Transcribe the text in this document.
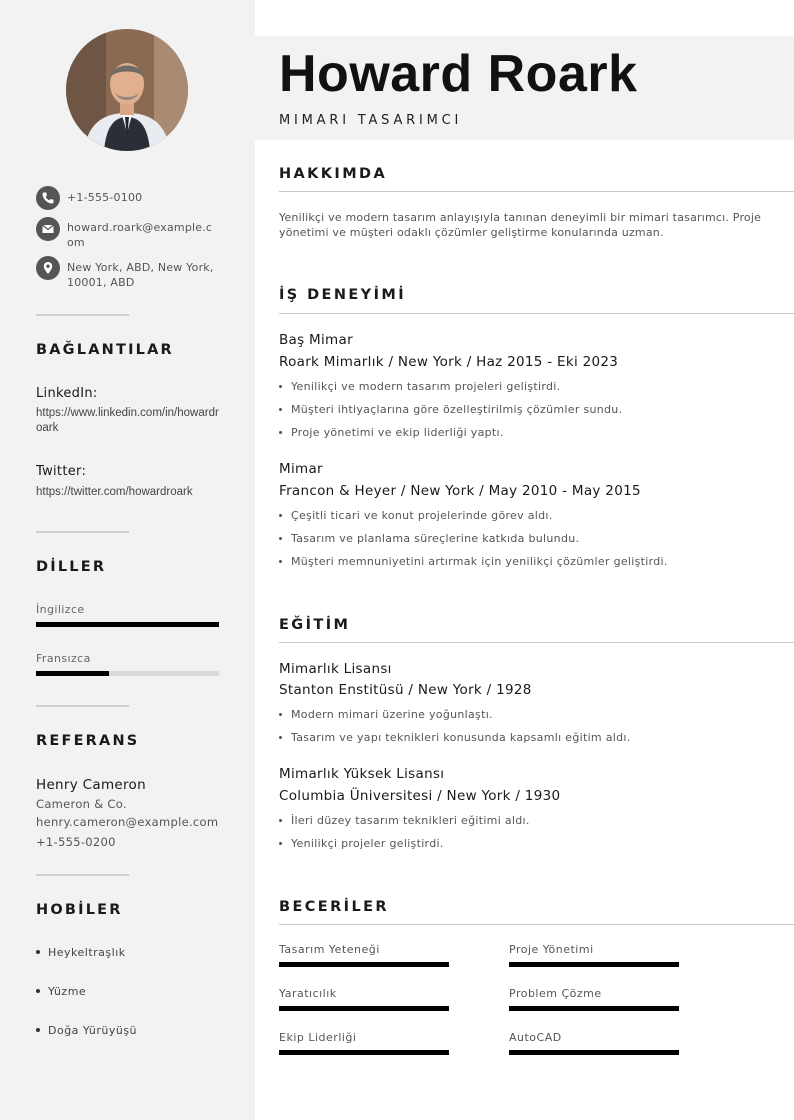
+1-555-0100
howard.roark@example.com
New York, ABD, New York, 10001, ABD
BAĞLANTILAR
LinkedIn:
https://www.linkedin.com/in/howardroark
Twitter:
https://twitter.com/howardroark
DİLLER
İngilizce
Fransızca
REFERANS
Henry Cameron
Cameron & Co.
henry.cameron@example.com
+1-555-0200
HOBİLER
Heykeltraşlık
Yüzme
Doğa Yürüyüşü
Howard Roark
MIMARI TASARIMCI
HAKKIMDA
Yenilikçi ve modern tasarım anlayışıyla tanınan deneyimli bir mimari tasarımcı. Proje yönetimi ve müşteri odaklı çözümler geliştirme konularında uzman.
İŞ DENEYİMİ
Baş Mimar
Roark Mimarlık / New York / Haz 2015 - Eki 2023
Yenilikçi ve modern tasarım projeleri geliştirdi.
Müşteri ihtiyaçlarına göre özelleştirilmiş çözümler sundu.
Proje yönetimi ve ekip liderliği yaptı.
Mimar
Francon & Heyer / New York / May 2010 - May 2015
Çeşitli ticari ve konut projelerinde görev aldı.
Tasarım ve planlama süreçlerine katkıda bulundu.
Müşteri memnuniyetini artırmak için yenilikçi çözümler geliştirdi.
EĞİTİM
Mimarlık Lisansı
Stanton Enstitüsü / New York / 1928
Modern mimari üzerine yoğunlaştı.
Tasarım ve yapı teknikleri konusunda kapsamlı eğitim aldı.
Mimarlık Yüksek Lisansı
Columbia Üniversitesi / New York / 1930
İleri düzey tasarım teknikleri eğitimi aldı.
Yenilikçi projeler geliştirdi.
BECERİLER
Tasarım Yeteneği	Proje Yönetimi
Yaratıcılık	Problem Çözme
Ekip Liderliği	AutoCAD
